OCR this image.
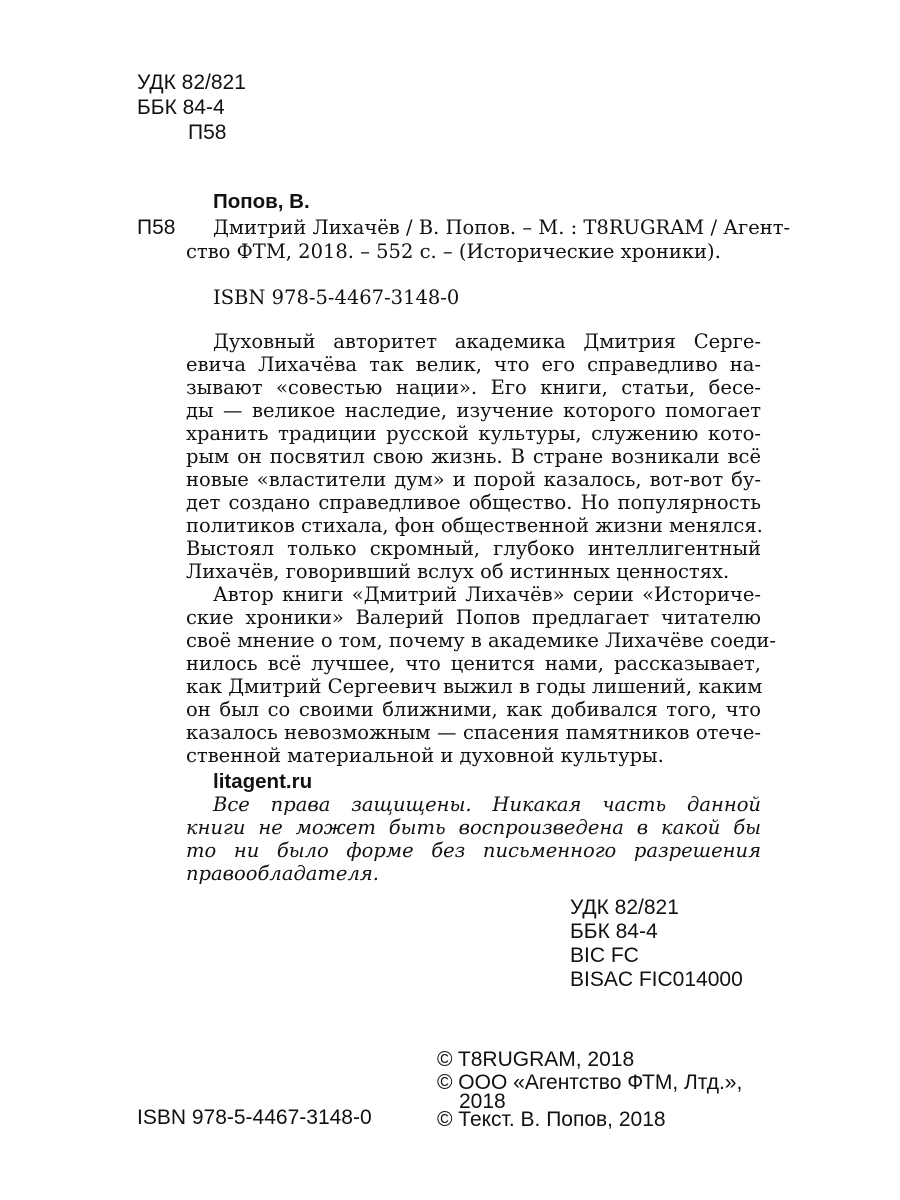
УДК 82/821
ББК 84-4
П58
Попов, В.
П58 Дмитрий Лихачёв / В. Попов. – М. : T8RUGRAM / Агент-
ство ФТМ, 2018. – 552 с. – (Исторические хроники).
ISBN 978-5-4467-3148-0
Духовный авторитет академика Дмитрия Серге-
евича Лихачёва так велик, что его справедливо на-
зывают «совестью нации». Его книги, статьи, бесе-
ды — великое наследие, изучение которого помогает
хранить традиции русской культуры, служению кото-
рым он посвятил свою жизнь. В стране возникали всё
новые «властители дум» и порой казалось, вот-вот бу-
дет создано справедливое общество. Но популярность
политиков стихала, фон общественной жизни менялся.
Выстоял только скромный, глубоко интеллигентный
Лихачёв, говоривший вслух об истинных ценностях.
Автор книги «Дмитрий Лихачёв» серии «Историче-
ские хроники» Валерий Попов предлагает читателю
своё мнение о том, почему в академике Лихачёве соеди-
нилось всё лучшее, что ценится нами, рассказывает,
как Дмитрий Сергеевич выжил в годы лишений, каким
он был со своими ближними, как добивался того, что
казалось невозможным — спасения памятников отече-
ственной материальной и духовной культуры.
litagent.ru
Все права защищены. Никакая часть данной
книги не может быть воспроизведена в какой бы
то ни было форме без письменного разрешения
правообладателя.
УДК 82/821
ББК 84-4
BIC FC
BISAC FIC014000
ISBN 978-5-4467-3148-0
© T8RUGRAM, 2018
© ООО «Агентство ФТМ, Лтд.»,
2018
© Текст. В. Попов, 2018
